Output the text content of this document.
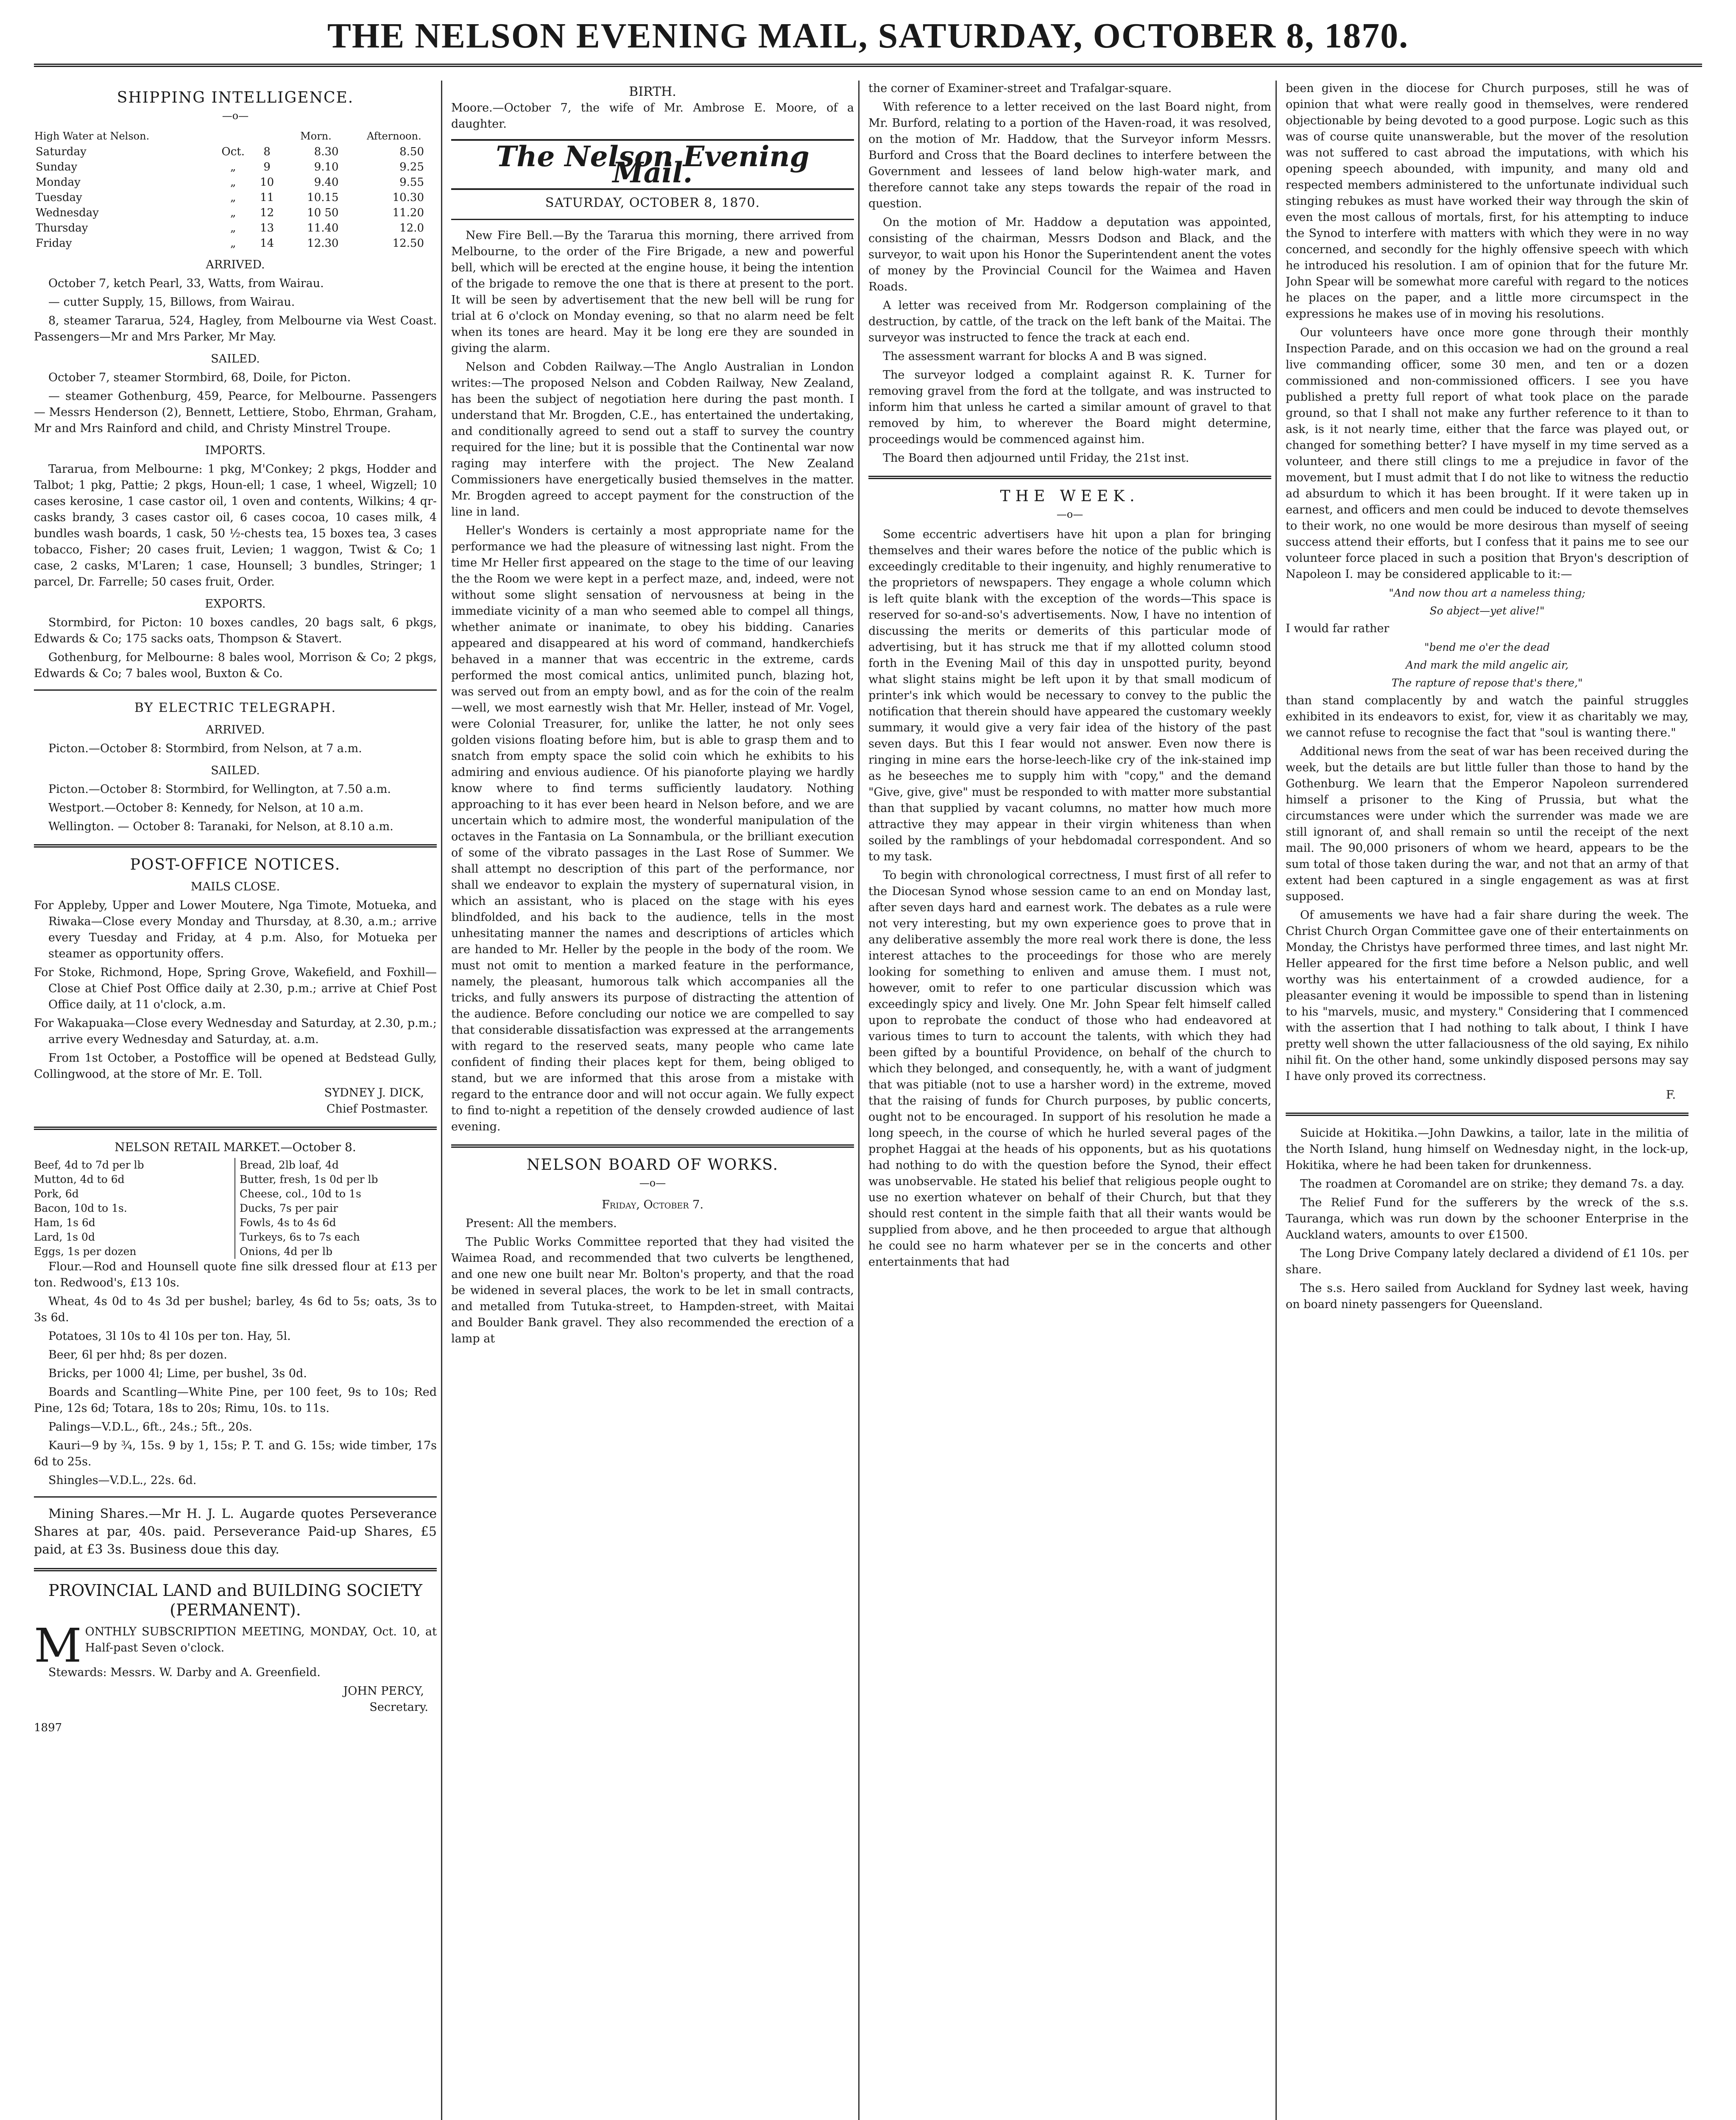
THE NELSON EVENING MAIL, SATURDAY, OCTOBER 8, 1870.
SHIPPING INTELLIGENCE.
—o—
High Water at Nelson.			Morn.	Afternoon.
Saturday	Oct.	8	8.30	8.50
Sunday	„	9	9.10	9.25
Monday	„	10	9.40	9.55
Tuesday	„	11	10.15	10.30
Wednesday	„	12	10 50	11.20
Thursday	„	13	11.40	12.0
Friday	„	14	12.30	12.50
ARRIVED.

October 7, ketch Pearl, 33, Watts, from Wairau.

— cutter Supply, 15, Billows, from Wairau.

8, steamer Tararua, 524, Hagley, from Melbourne via West Coast. Passengers—Mr and Mrs Parker, Mr May.

SAILED.

October 7, steamer Stormbird, 68, Doile, for Picton.

— steamer Gothenburg, 459, Pearce, for Melbourne. Passengers — Messrs Henderson (2), Bennett, Lettiere, Stobo, Ehrman, Graham, Mr and Mrs Rainford and child, and Christy Minstrel Troupe.

IMPORTS.

Tararua, from Melbourne: 1 pkg, M'Conkey; 2 pkgs, Hodder and Talbot; 1 pkg, Pattie; 2 pkgs, Houn-ell; 1 case, 1 wheel, Wigzell; 10 cases kerosine, 1 case castor oil, 1 oven and contents, Wilkins; 4 qr-casks brandy, 3 cases castor oil, 6 cases cocoa, 10 cases milk, 4 bundles wash boards, 1 cask, 50 ½-chests tea, 15 boxes tea, 3 cases tobacco, Fisher; 20 cases fruit, Levien; 1 waggon, Twist & Co; 1 case, 2 casks, M'Laren; 1 case, Hounsell; 3 bundles, Stringer; 1 parcel, Dr. Farrelle; 50 cases fruit, Order.

EXPORTS.

Stormbird, for Picton: 10 boxes candles, 20 bags salt, 6 pkgs, Edwards & Co; 175 sacks oats, Thompson & Stavert.

Gothenburg, for Melbourne: 8 bales wool, Morrison & Co; 2 pkgs, Edwards & Co; 7 bales wool, Buxton & Co.

BY ELECTRIC TELEGRAPH.
ARRIVED.

Picton.—October 8: Stormbird, from Nelson, at 7 a.m.

SAILED.

Picton.—October 8: Stormbird, for Wellington, at 7.50 a.m.

Westport.—October 8: Kennedy, for Nelson, at 10 a.m.

Wellington. — October 8: Taranaki, for Nelson, at 8.10 a.m.

POST-OFFICE NOTICES.
MAILS CLOSE.

For Appleby, Upper and Lower Moutere, Nga Timote, Motueka, and Riwaka—Close every Monday and Thursday, at 8.30, a.m.; arrive every Tuesday and Friday, at 4 p.m. Also, for Motueka per steamer as opportunity offers.

For Stoke, Richmond, Hope, Spring Grove, Wakefield, and Foxhill—Close at Chief Post Office daily at 2.30, p.m.; arrive at Chief Post Office daily, at 11 o'clock, a.m.

For Wakapuaka—Close every Wednesday and Saturday, at 2.30, p.m.; arrive every Wednesday and Saturday, at. a.m.

From 1st October, a Postoffice will be opened at Bedstead Gully, Collingwood, at the store of Mr. E. Toll.

SYDNEY J. DICK,
Chief Postmaster.
NELSON RETAIL MARKET.—October 8.
Beef, 4d to 7d per lb
Mutton, 4d to 6d
Pork, 6d
Bacon, 10d to 1s.
Ham, 1s 6d
Lard, 1s 0d
Eggs, 1s per dozen
Bread, 2lb loaf, 4d
Butter, fresh, 1s 0d per lb
Cheese, col., 10d to 1s
Ducks, 7s per pair
Fowls, 4s to 4s 6d
Turkeys, 6s to 7s each
Onions, 4d per lb

Flour.—Rod and Hounsell quote fine silk dressed flour at £13 per ton. Redwood's, £13 10s.

Wheat, 4s 0d to 4s 3d per bushel; barley, 4s 6d to 5s; oats, 3s to 3s 6d.

Potatoes, 3l 10s to 4l 10s per ton. Hay, 5l.

Beer, 6l per hhd; 8s per dozen.

Bricks, per 1000 4l; Lime, per bushel, 3s 0d.

Boards and Scantling—White Pine, per 100 feet, 9s to 10s; Red Pine, 12s 6d; Totara, 18s to 20s; Rimu, 10s. to 11s.

Palings—V.D.L., 6ft., 24s.; 5ft., 20s.

Kauri—9 by ¾, 15s. 9 by 1, 15s; P. T. and G. 15s; wide timber, 17s 6d to 25s.

Shingles—V.D.L., 22s. 6d.

Mining Shares.—Mr H. J. L. Augarde quotes Perseverance Shares at par, 40s. paid. Perseverance Paid-up Shares, £5 paid, at £3 3s. Business doue this day.

PROVINCIAL LAND and BUILDING SOCIETY (PERMANENT).
M ONTHLY SUBSCRIPTION MEETING, MONDAY, Oct. 10, at Half-past Seven o'clock.

Stewards: Messrs. W. Darby and A. Greenfield.

JOHN PERCY,
Secretary.
1897
BIRTH.

Moore.—October 7, the wife of Mr. Ambrose E. Moore, of a daughter.

The Nelson Evening Mail.
SATURDAY, OCTOBER 8, 1870.

New Fire Bell.—By the Tararua this morning, there arrived from Melbourne, to the order of the Fire Brigade, a new and powerful bell, which will be erected at the engine house, it being the intention of the brigade to remove the one that is there at present to the port. It will be seen by advertisement that the new bell will be rung for trial at 6 o'clock on Monday evening, so that no alarm need be felt when its tones are heard. May it be long ere they are sounded in giving the alarm.

Nelson and Cobden Railway.—The Anglo Australian in London writes:—The proposed Nelson and Cobden Railway, New Zealand, has been the subject of negotiation here during the past month. I understand that Mr. Brogden, C.E., has entertained the undertaking, and conditionally agreed to send out a staff to survey the country required for the line; but it is possible that the Continental war now raging may interfere with the project. The New Zealand Commissioners have energetically busied themselves in the matter. Mr. Brogden agreed to accept payment for the construction of the line in land.

Heller's Wonders is certainly a most appropriate name for the performance we had the pleasure of witnessing last night. From the time Mr Heller first appeared on the stage to the time of our leaving the the Room we were kept in a perfect maze, and, indeed, were not without some slight sensation of nervousness at being in the immediate vicinity of a man who seemed able to compel all things, whether animate or inanimate, to obey his bidding. Canaries appeared and disappeared at his word of command, handkerchiefs behaved in a manner that was eccentric in the extreme, cards performed the most comical antics, unlimited punch, blazing hot, was served out from an empty bowl, and as for the coin of the realm—well, we most earnestly wish that Mr. Heller, instead of Mr. Vogel, were Colonial Treasurer, for, unlike the latter, he not only sees golden visions floating before him, but is able to grasp them and to snatch from empty space the solid coin which he exhibits to his admiring and envious audience. Of his pianoforte playing we hardly know where to find terms sufficiently laudatory. Nothing approaching to it has ever been heard in Nelson before, and we are uncertain which to admire most, the wonderful manipulation of the octaves in the Fantasia on La Sonnambula, or the brilliant execution of some of the vibrato passages in the Last Rose of Summer. We shall attempt no description of this part of the performance, nor shall we endeavor to explain the mystery of supernatural vision, in which an assistant, who is placed on the stage with his eyes blindfolded, and his back to the audience, tells in the most unhesitating manner the names and descriptions of articles which are handed to Mr. Heller by the people in the body of the room. We must not omit to mention a marked feature in the performance, namely, the pleasant, humorous talk which accompanies all the tricks, and fully answers its purpose of distracting the attention of the audience. Before concluding our notice we are compelled to say that considerable dissatisfaction was expressed at the arrangements with regard to the reserved seats, many people who came late confident of finding their places kept for them, being obliged to stand, but we are informed that this arose from a mistake with regard to the entrance door and will not occur again. We fully expect to find to-night a repetition of the densely crowded audience of last evening.

NELSON BOARD OF WORKS.
—o—
Friday, October 7.

Present: All the members.

The Public Works Committee reported that they had visited the Waimea Road, and recommended that two culverts be lengthened, and one new one built near Mr. Bolton's property, and that the road be widened in several places, the work to be let in small contracts, and metalled from Tutuka-street, to Hampden-street, with Maitai and Boulder Bank gravel. They also recommended the erection of a lamp at

the corner of Examiner-street and Trafalgar-square.

With reference to a letter received on the last Board night, from Mr. Burford, relating to a portion of the Haven-road, it was resolved, on the motion of Mr. Haddow, that the Surveyor inform Messrs. Burford and Cross that the Board declines to interfere between the Government and lessees of land below high-water mark, and therefore cannot take any steps towards the repair of the road in question.

On the motion of Mr. Haddow a deputation was appointed, consisting of the chairman, Messrs Dodson and Black, and the surveyor, to wait upon his Honor the Superintendent anent the votes of money by the Provincial Council for the Waimea and Haven Roads.

A letter was received from Mr. Rodgerson complaining of the destruction, by cattle, of the track on the left bank of the Maitai. The surveyor was instructed to fence the track at each end.

The assessment warrant for blocks A and B was signed.

The surveyor lodged a complaint against R. K. Turner for removing gravel from the ford at the tollgate, and was instructed to inform him that unless he carted a similar amount of gravel to that removed by him, to wherever the Board might determine, proceedings would be commenced against him.

The Board then adjourned until Friday, the 21st inst.

THE WEEK.
—o—

Some eccentric advertisers have hit upon a plan for bringing themselves and their wares before the notice of the public which is exceedingly creditable to their ingenuity, and highly renumerative to the proprietors of newspapers. They engage a whole column which is left quite blank with the exception of the words—This space is reserved for so-and-so's advertisements. Now, I have no intention of discussing the merits or demerits of this particular mode of advertising, but it has struck me that if my allotted column stood forth in the Evening Mail of this day in unspotted purity, beyond what slight stains might be left upon it by that small modicum of printer's ink which would be necessary to convey to the public the notification that therein should have appeared the customary weekly summary, it would give a very fair idea of the history of the past seven days. But this I fear would not answer. Even now there is ringing in mine ears the horse-leech-like cry of the ink-stained imp as he beseeches me to supply him with "copy," and the demand "Give, give, give" must be responded to with matter more substantial than that supplied by vacant columns, no matter how much more attractive they may appear in their virgin whiteness than when soiled by the ramblings of your hebdomadal correspondent. And so to my task.

To begin with chronological correctness, I must first of all refer to the Diocesan Synod whose session came to an end on Monday last, after seven days hard and earnest work. The debates as a rule were not very interesting, but my own experience goes to prove that in any deliberative assembly the more real work there is done, the less interest attaches to the proceedings for those who are merely looking for something to enliven and amuse them. I must not, however, omit to refer to one particular discussion which was exceedingly spicy and lively. One Mr. John Spear felt himself called upon to reprobate the conduct of those who had endeavored at various times to turn to account the talents, with which they had been gifted by a bountiful Providence, on behalf of the church to which they belonged, and consequently, he, with a want of judgment that was pitiable (not to use a harsher word) in the extreme, moved that the raising of funds for Church purposes, by public concerts, ought not to be encouraged. In support of his resolution he made a long speech, in the course of which he hurled several pages of the prophet Haggai at the heads of his opponents, but as his quotations had nothing to do with the question before the Synod, their effect was unobservable. He stated his belief that religious people ought to use no exertion whatever on behalf of their Church, but that they should rest content in the simple faith that all their wants would be supplied from above, and he then proceeded to argue that although he could see no harm whatever per se in the concerts and other entertainments that had

been given in the diocese for Church purposes, still he was of opinion that what were really good in themselves, were rendered objectionable by being devoted to a good purpose. Logic such as this was of course quite unanswerable, but the mover of the resolution was not suffered to cast abroad the imputations, with which his opening speech abounded, with impunity, and many old and respected members administered to the unfortunate individual such stinging rebukes as must have worked their way through the skin of even the most callous of mortals, first, for his attempting to induce the Synod to interfere with matters with which they were in no way concerned, and secondly for the highly offensive speech with which he introduced his resolution. I am of opinion that for the future Mr. John Spear will be somewhat more careful with regard to the notices he places on the paper, and a little more circumspect in the expressions he makes use of in moving his resolutions.

Our volunteers have once more gone through their monthly Inspection Parade, and on this occasion we had on the ground a real live commanding officer, some 30 men, and ten or a dozen commissioned and non-commissioned officers. I see you have published a pretty full report of what took place on the parade ground, so that I shall not make any further reference to it than to ask, is it not nearly time, either that the farce was played out, or changed for something better? I have myself in my time served as a volunteer, and there still clings to me a prejudice in favor of the movement, but I must admit that I do not like to witness the reductio ad absurdum to which it has been brought. If it were taken up in earnest, and officers and men could be induced to devote themselves to their work, no one would be more desirous than myself of seeing success attend their efforts, but I confess that it pains me to see our volunteer force placed in such a position that Bryon's description of Napoleon I. may be considered applicable to it:—

"And now thou art a nameless thing;
So abject—yet alive!"

I would far rather

"bend me o'er the dead
And mark the mild angelic air,
The rapture of repose that's there,"

than stand complacently by and watch the painful struggles exhibited in its endeavors to exist, for, view it as charitably we may, we cannot refuse to recognise the fact that "soul is wanting there."

Additional news from the seat of war has been received during the week, but the details are but little fuller than those to hand by the Gothenburg. We learn that the Emperor Napoleon surrendered himself a prisoner to the King of Prussia, but what the circumstances were under which the surrender was made we are still ignorant of, and shall remain so until the receipt of the next mail. The 90,000 prisoners of whom we heard, appears to be the sum total of those taken during the war, and not that an army of that extent had been captured in a single engagement as was at first supposed.

Of amusements we have had a fair share during the week. The Christ Church Organ Committee gave one of their entertainments on Monday, the Christys have performed three times, and last night Mr. Heller appeared for the first time before a Nelson public, and well worthy was his entertainment of a crowded audience, for a pleasanter evening it would be impossible to spend than in listening to his "marvels, music, and mystery." Considering that I commenced with the assertion that I had nothing to talk about, I think I have pretty well shown the utter fallaciousness of the old saying, Ex nihilo nihil fit. On the other hand, some unkindly disposed persons may say I have only proved its correctness.

F.

Suicide at Hokitika.—John Dawkins, a tailor, late in the militia of the North Island, hung himself on Wednesday night, in the lock-up, Hokitika, where he had been taken for drunkenness.

The roadmen at Coromandel are on strike; they demand 7s. a day.

The Relief Fund for the sufferers by the wreck of the s.s. Tauranga, which was run down by the schooner Enterprise in the Auckland waters, amounts to over £1500.

The Long Drive Company lately declared a dividend of £1 10s. per share.

The s.s. Hero sailed from Auckland for Sydney last week, having on board ninety passengers for Queensland.
